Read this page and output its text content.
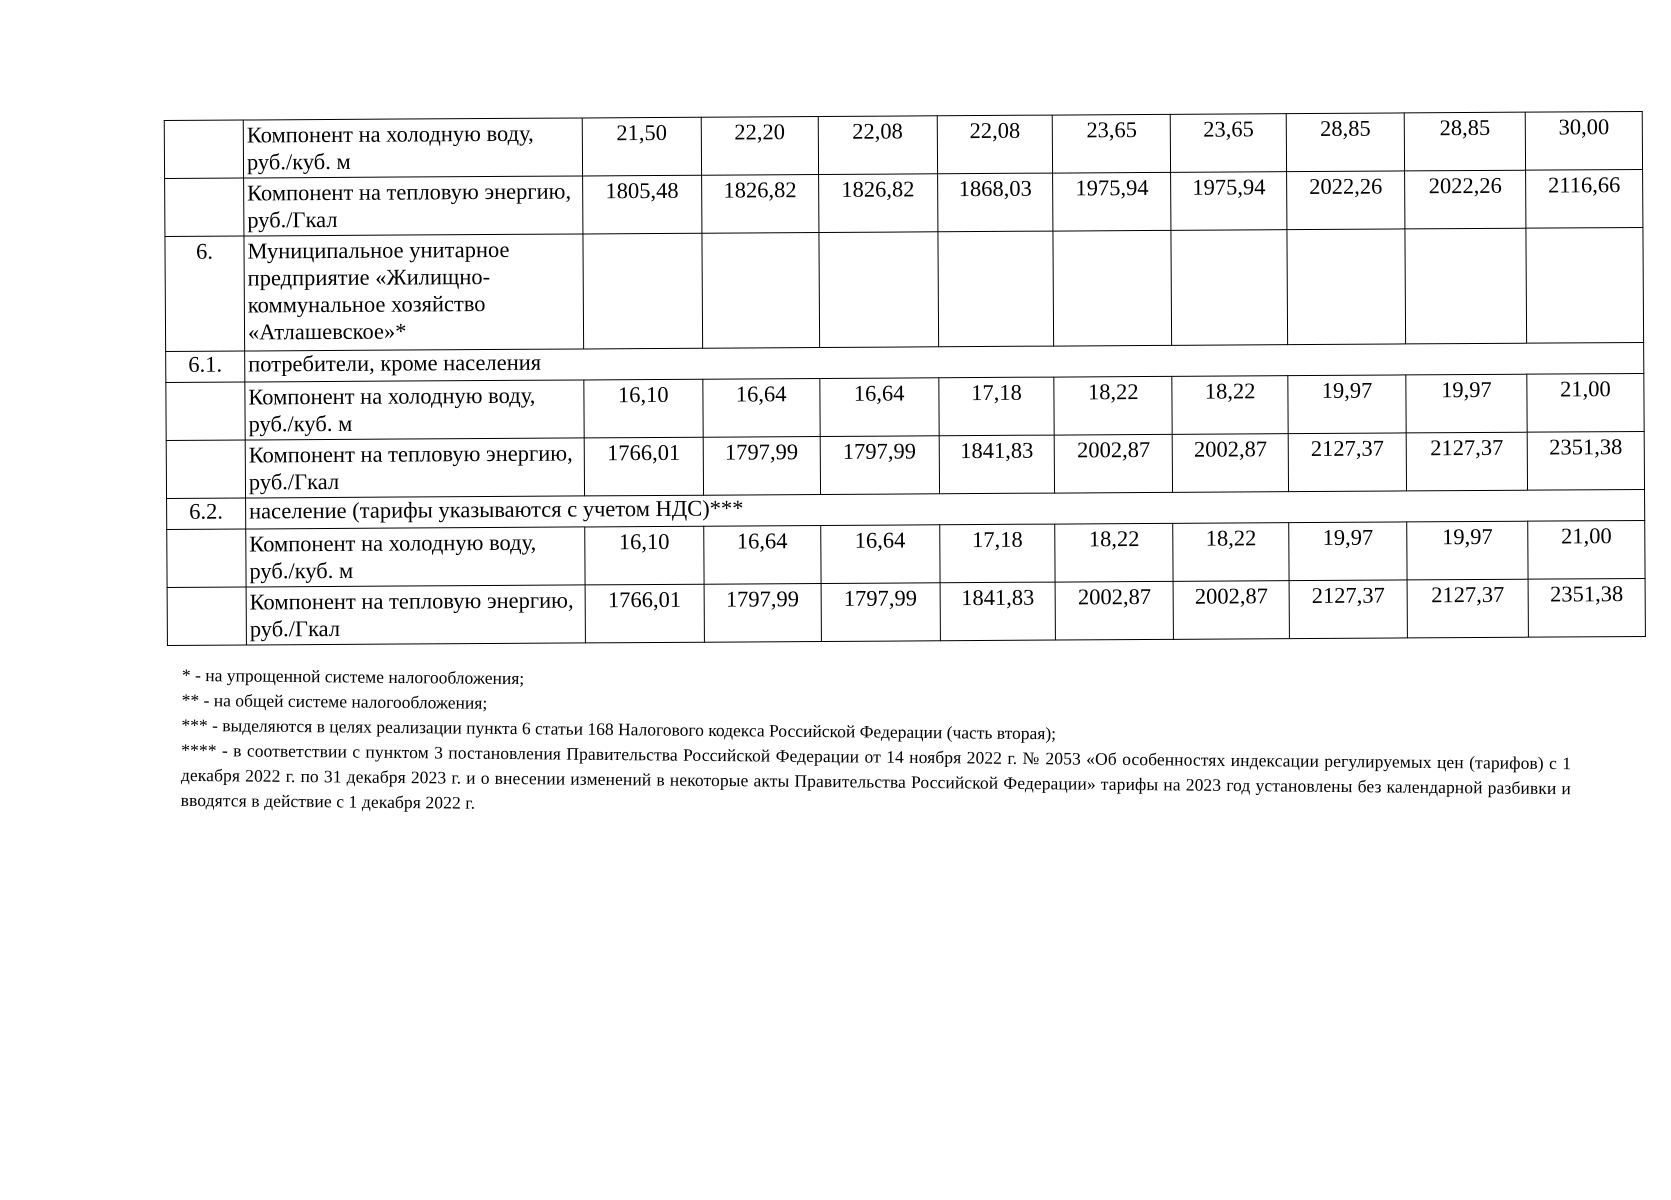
	Компонент на холодную воду, руб./куб. м	21,50	22,20	22,08	22,08	23,65	23,65	28,85	28,85	30,00
	Компонент на тепловую энергию, руб./Гкал	1805,48	1826,82	1826,82	1868,03	1975,94	1975,94	2022,26	2022,26	2116,66
6.	Муниципальное унитарное предприятие «Жилищно-коммунальное хозяйство «Атлашевское»*									
6.1.	потребители, кроме населения									
	Компонент на холодную воду, руб./куб. м	16,10	16,64	16,64	17,18	18,22	18,22	19,97	19,97	21,00
	Компонент на тепловую энергию, руб./Гкал	1766,01	1797,99	1797,99	1841,83	2002,87	2002,87	2127,37	2127,37	2351,38
6.2.	население (тарифы указываются с учетом НДС)***									
	Компонент на холодную воду, руб./куб. м	16,10	16,64	16,64	17,18	18,22	18,22	19,97	19,97	21,00
	Компонент на тепловую энергию, руб./Гкал	1766,01	1797,99	1797,99	1841,83	2002,87	2002,87	2127,37	2127,37	2351,38

* - на упрощенной системе налогообложения;

** - на общей системе налогообложения;

*** - выделяются в целях реализации пункта 6 статьи 168 Налогового кодекса Российской Федерации (часть вторая);

**** - в соответствии с пунктом 3 постановления Правительства Российской Федерации от 14 ноября 2022 г. № 2053 «Об особенностях индексации регулируемых цен (тарифов) с 1 декабря 2022 г. по 31 декабря 2023 г. и о внесении изменений в некоторые акты Правительства Российской Федерации» тарифы на 2023 год установлены без календарной разбивки и вводятся в действие с 1 декабря 2022 г.
